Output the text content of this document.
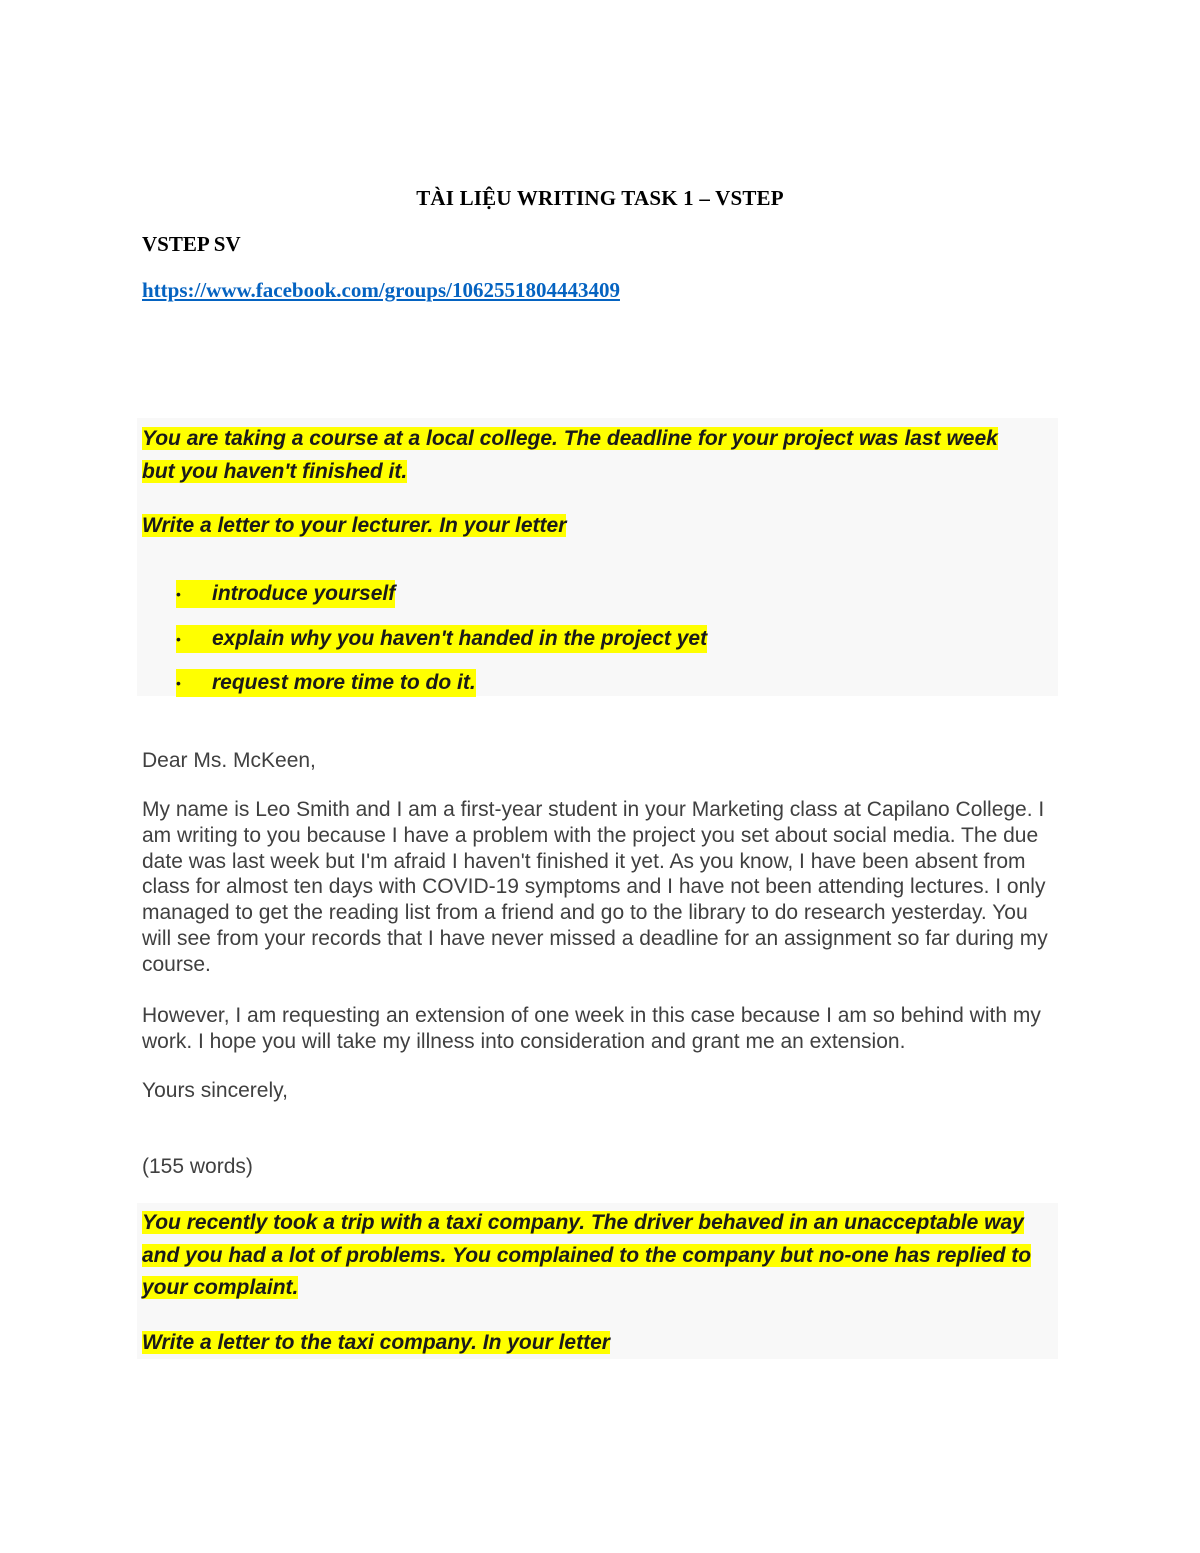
TÀI LIỆU WRITING TASK 1 – VSTEP
VSTEP SV
https://www.facebook.com/groups/1062551804443409
You are taking a course at a local college. The deadline for your project was last week but you haven't finished it.
Write a letter to your lecturer. In your letter
•	introduce yourself
•	explain why you haven't handed in the project yet
•	request more time to do it.
Dear Ms. McKeen,
My name is Leo Smith and I am a first-year student in your Marketing class at Capilano College. I am writing to you because I have a problem with the project you set about social media. The due date was last week but I'm afraid I haven't finished it yet. As you know, I have been absent from class for almost ten days with COVID-19 symptoms and I have not been attending lectures. I only managed to get the reading list from a friend and go to the library to do research yesterday. You will see from your records that I have never missed a deadline for an assignment so far during my course.
However, I am requesting an extension of one week in this case because I am so behind with my work. I hope you will take my illness into consideration and grant me an extension.
Yours sincerely,
(155 words)
You recently took a trip with a taxi company. The driver behaved in an unacceptable way and you had a lot of problems. You complained to the company but no-one has replied to your complaint.
Write a letter to the taxi company. In your letter
